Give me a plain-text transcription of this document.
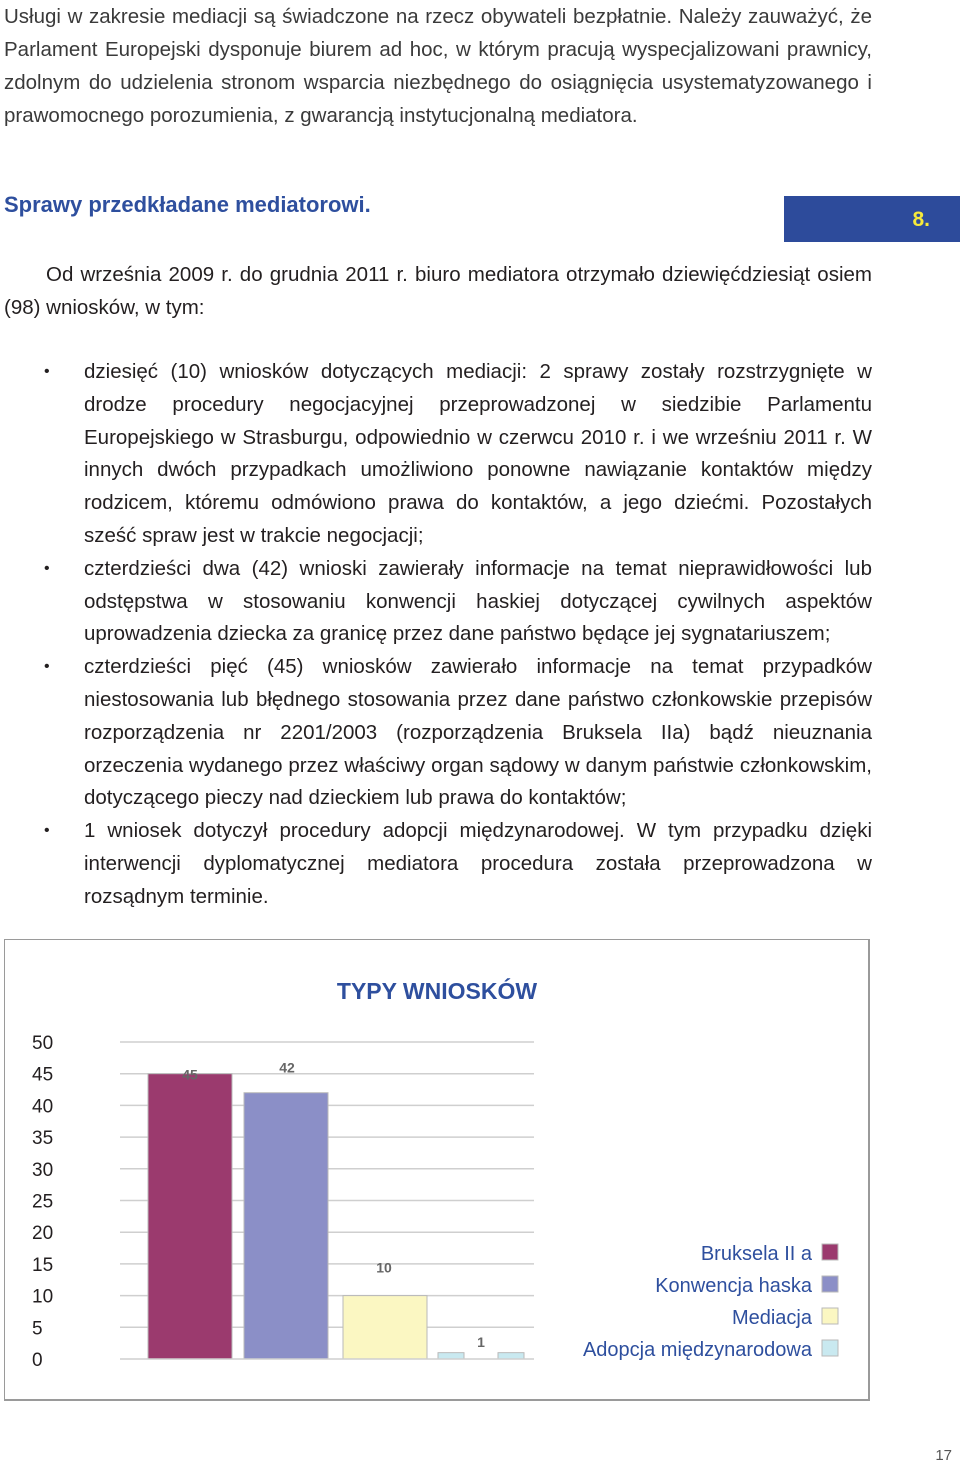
Usługi w zakresie mediacji są świadczone na rzecz obywateli bezpłatnie. Należy zauważyć, że Parlament Europejski dysponuje biurem ad hoc, w którym pracują wyspecjalizowani prawnicy, zdolnym do udzielenia stronom wsparcia niezbędnego do osiągnięcia usystematyzowanego i prawomocnego porozumienia, z gwarancją instytucjonalną mediatora.

Sprawy przedkładane mediatorowi.
8.

Od września 2009 r. do grudnia 2011 r. biuro mediatora otrzymało dziewięćdziesiąt osiem (98) wniosków, w tym:

• dziesięć (10) wniosków dotyczących mediacji: 2 sprawy zostały rozstrzygnięte w drodze procedury negocjacyjnej przeprowadzonej w siedzibie Parlamentu Europejskiego w Strasburgu, odpowiednio w czerwcu 2010 r. i we wrześniu 2011 r. W innych dwóch przypadkach umożliwiono ponowne nawiązanie kontaktów między rodzicem, któremu odmówiono prawa do kontaktów, a jego dziećmi. Pozostałych sześć spraw jest w trakcie negocjacji;
• czterdzieści dwa (42) wnioski zawierały informacje na temat nieprawidłowości lub odstępstwa w stosowaniu konwencji haskiej dotyczącej cywilnych aspektów uprowadzenia dziecka za granicę przez dane państwo będące jej sygnatariuszem;
• czterdzieści pięć (45) wniosków zawierało informacje na temat przypadków niestosowania lub błędnego stosowania przez dane państwo członkowskie przepisów rozporządzenia nr 2201/2003 (rozporządzenia Bruksela IIa) bądź nieuznania orzeczenia wydanego przez właściwy organ sądowy w danym państwie członkowskim, dotyczącego pieczy nad dzieckiem lub prawa do kontaktów;
• 1 wniosek dotyczył procedury adopcji międzynarodowej. W tym przypadku dzięki interwencji dyplomatycznej mediatora procedura została przeprowadzona w rozsądnym terminie.
TYPY WNIOSKÓW
0
5
10
15
20
25
30
35
40
45
50
45	42
10
1
Bruksela II a
Konwencja haska
Mediacja
Adopcja międzynarodowa
17
